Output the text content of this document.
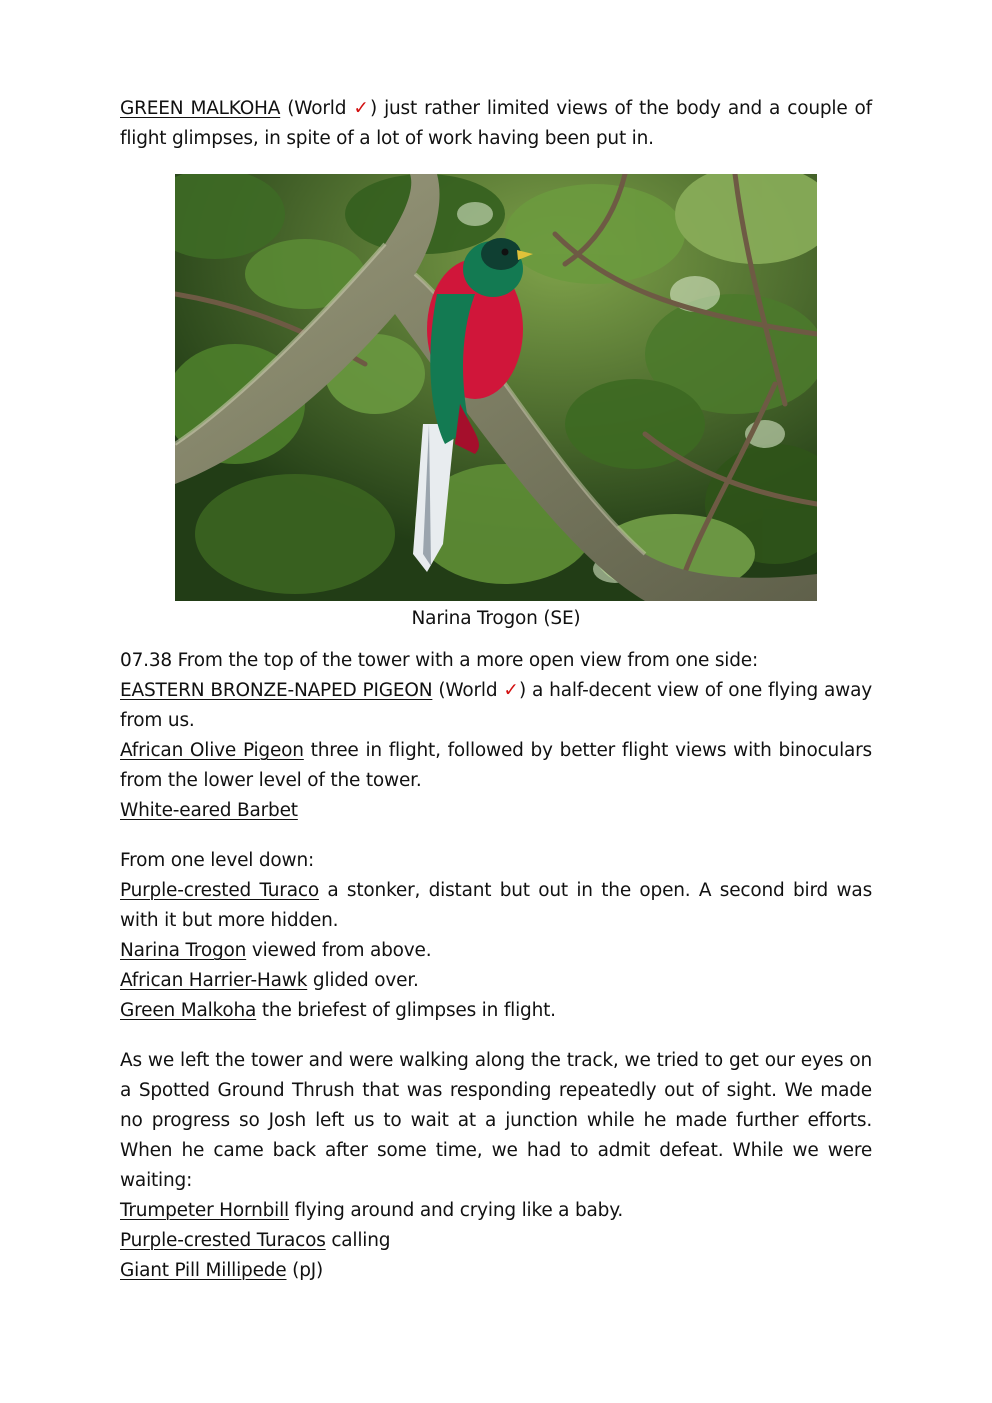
GREEN MALKOHA (World ✓) just rather limited views of the body and a couple of flight glimpses, in spite of a lot of work having been put in.

Narina Trogon (SE)

07.38 From the top of the tower with a more open view from one side:

EASTERN BRONZE-NAPED PIGEON (World ✓) a half-decent view of one flying away from us.

African Olive Pigeon three in flight, followed by better flight views with binoculars from the lower level of the tower.

White-eared Barbet

From one level down:

Purple-crested Turaco a stonker, distant but out in the open. A second bird was with it but more hidden.

Narina Trogon viewed from above.

African Harrier-Hawk glided over.

Green Malkoha the briefest of glimpses in flight.

As we left the tower and were walking along the track, we tried to get our eyes on a Spotted Ground Thrush that was responding repeatedly out of sight. We made no progress so Josh left us to wait at a junction while he made further efforts. When he came back after some time, we had to admit defeat. While we were waiting:

Trumpeter Hornbill flying around and crying like a baby.

Purple-crested Turacos calling

Giant Pill Millipede (pJ)
